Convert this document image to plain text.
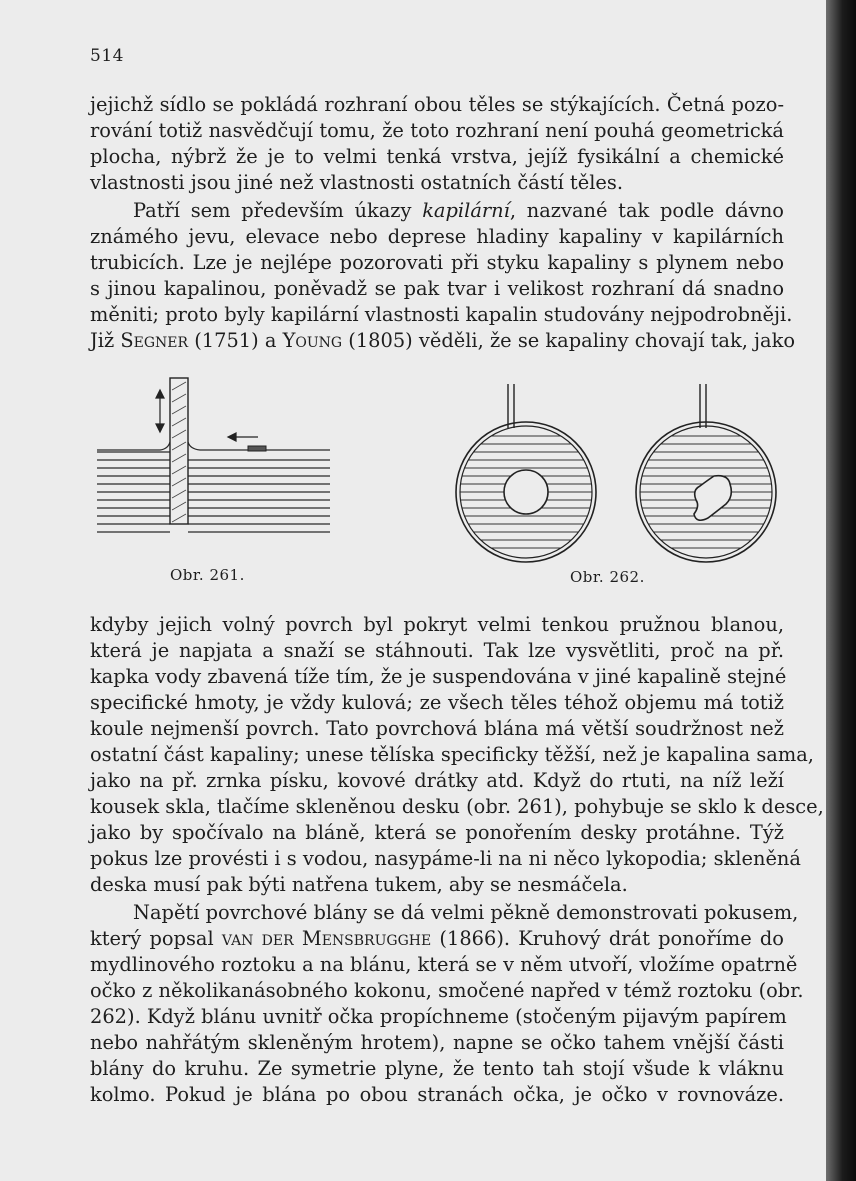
514
jejichž sídlo se pokládá rozhraní obou těles se stýkajících. Četná pozo-
rování totiž nasvědčují tomu, že toto rozhraní není pouhá geometrická
plocha, nýbrž že je to velmi tenká vrstva, jejíž fysikální a chemické
vlastnosti jsou jiné než vlastnosti ostatních částí těles.
Patří sem především úkazy kapilární, nazvané tak podle dávno
známého jevu, elevace nebo deprese hladiny kapaliny v kapilárních
trubicích. Lze je nejlépe pozorovati při styku kapaliny s plynem nebo
s jinou kapalinou, poněvadž se pak tvar i velikost rozhraní dá snadno
měniti; proto byly kapilární vlastnosti kapalin studovány nejpodrobněji.
Již Segner (1751) a Young (1805) věděli, že se kapaliny chovají tak, jako
Obr. 261.	Obr. 262.
kdyby jejich volný povrch byl pokryt velmi tenkou pružnou blanou,
která je napjata a snaží se stáhnouti. Tak lze vysvětliti, proč na př.
kapka vody zbavená tíže tím, že je suspendována v jiné kapalině stejné
specifické hmoty, je vždy kulová; ze všech těles téhož objemu má totiž
koule nejmenší povrch. Tato povrchová blána má větší soudržnost než
ostatní část kapaliny; unese tělíska specificky těžší, než je kapalina sama,
jako na př. zrnka písku, kovové drátky atd. Když do rtuti, na níž leží
kousek skla, tlačíme skleněnou desku (obr. 261), pohybuje se sklo k desce,
jako by spočívalo na bláně, která se ponořením desky protáhne. Týž
pokus lze provésti i s vodou, nasypáme-li na ni něco lykopodia; skleněná
deska musí pak býti natřena tukem, aby se nesmáčela.
Napětí povrchové blány se dá velmi pěkně demonstrovati pokusem,
který popsal van der Mensbrugghe (1866). Kruhový drát ponoříme do
mydlinového roztoku a na blánu, která se v něm utvoří, vložíme opatrně
očko z několikanásobného kokonu, smočené napřed v témž roztoku (obr.
262). Když blánu uvnitř očka propíchneme (stočeným pijavým papírem
nebo nahřátým skleněným hrotem), napne se očko tahem vnější části
blány do kruhu. Ze symetrie plyne, že tento tah stojí všude k vláknu
kolmo. Pokud je blána po obou stranách očka, je očko v rovnováze.
